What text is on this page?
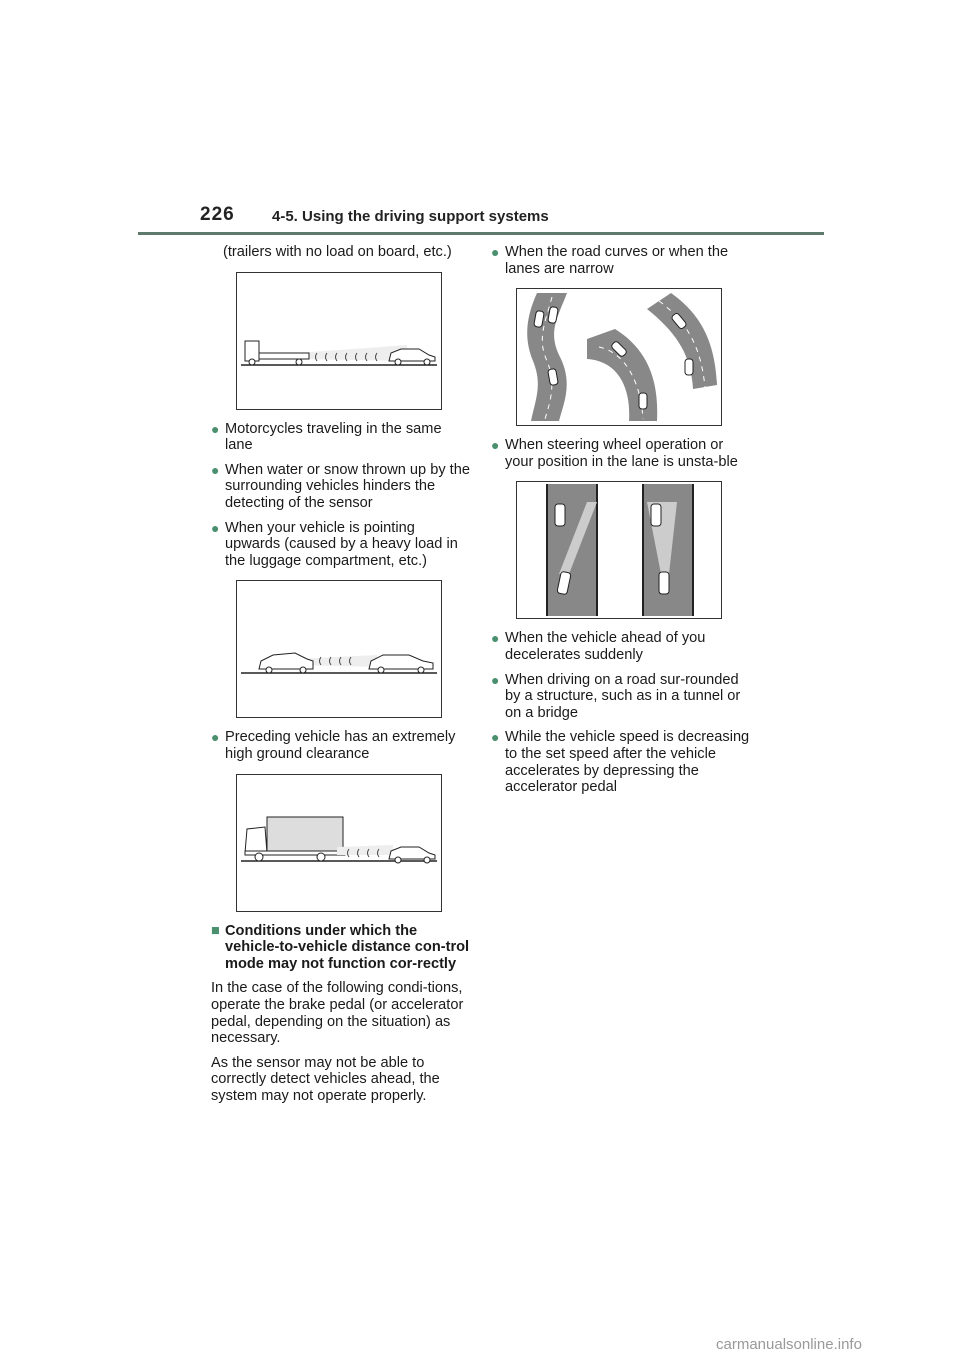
226 4-5. Using the driving support systems
(trailers with no load on board, etc.)
● Motorcycles traveling in the same lane
● When water or snow thrown up by the surrounding vehicles hinders the detecting of the sensor
● When your vehicle is pointing upwards (caused by a heavy load in the luggage compartment, etc.)
● Preceding vehicle has an extremely high ground clearance
■ Conditions under which the vehicle-to-vehicle distance con-trol mode may not function cor-rectly

In the case of the following condi-tions, operate the brake pedal (or accelerator pedal, depending on the situation) as necessary.

As the sensor may not be able to correctly detect vehicles ahead, the system may not operate properly.

● When the road curves or when the lanes are narrow
● When steering wheel operation or your position in the lane is unsta-ble
● When the vehicle ahead of you decelerates suddenly
● When driving on a road sur-rounded by a structure, such as in a tunnel or on a bridge
● While the vehicle speed is decreasing to the set speed after the vehicle accelerates by depressing the accelerator pedal
carmanualsonline.info
